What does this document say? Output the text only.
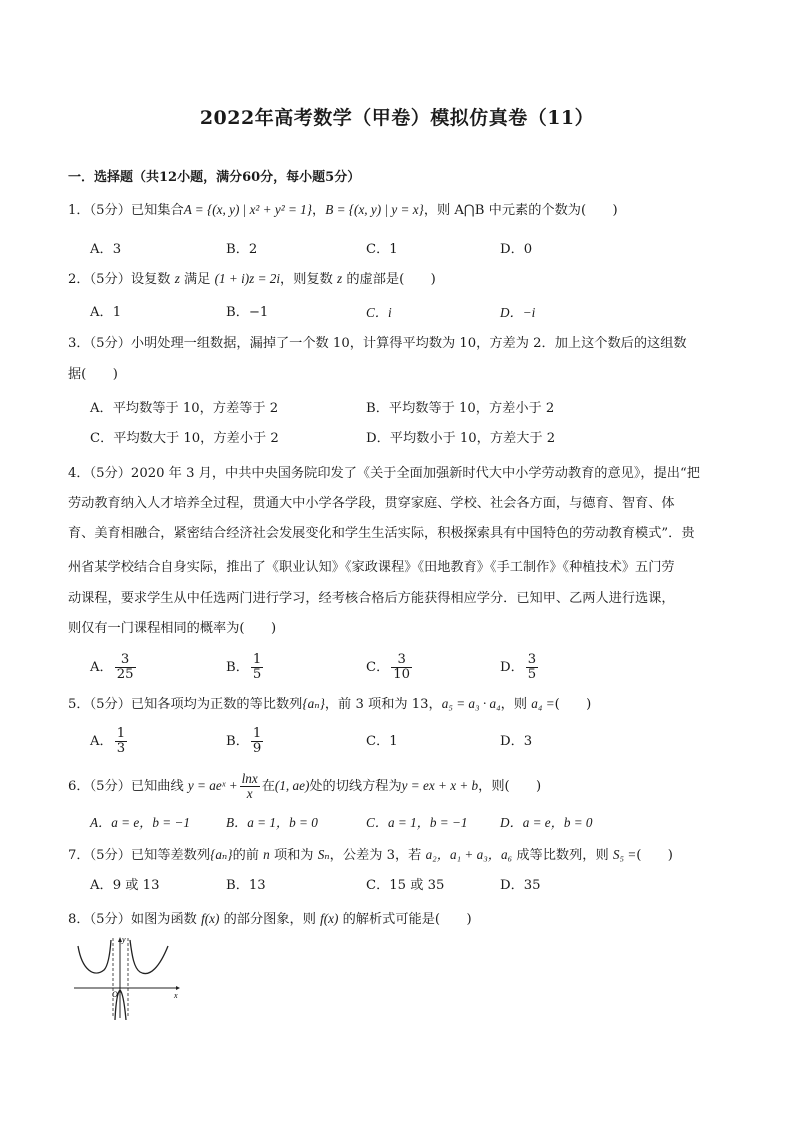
2022年高考数学（甲卷）模拟仿真卷（11）
一．选择题（共12小题，满分60分，每小题5分）
1．（5分）已知集合A = {(x, y) | x² + y² = 1}，B = {(x, y) | y = x}，则 A⋂B 中元素的个数为(　　)
A．3	B．2	C．1	D．0
2．（5分）设复数 z 满足 (1 + i)z = 2i，则复数 z 的虚部是(　　)
A．1	B．−1	C．i	D．−i
3．（5分）小明处理一组数据，漏掉了一个数 10，计算得平均数为 10，方差为 2．加上这个数后的这组数
据(　　)
A．平均数等于 10，方差等于 2	B．平均数等于 10，方差小于 2
C．平均数大于 10，方差小于 2	D．平均数小于 10，方差大于 2
4．（5分）2020 年 3 月，中共中央国务院印发了《关于全面加强新时代大中小学劳动教育的意见》，提出“把
劳动教育纳入人才培养全过程，贯通大中小学各学段，贯穿家庭、学校、社会各方面，与德育、智育、体
育、美育相融合，紧密结合经济社会发展变化和学生生活实际，积极探索具有中国特色的劳动教育模式”．贵
州省某学校结合自身实际，推出了《职业认知》《家政课程》《田地教育》《手工制作》《种植技术》五门劳
动课程，要求学生从中任选两门进行学习，经考核合格后方能获得相应学分．已知甲、乙两人进行选课，
则仅有一门课程相同的概率为(　　)
A． $\frac{3}{25}$	B． $\frac{1}{5}$	C． $\frac{3}{10}$	D． $\frac{3}{5}$
5．（5分）已知各项均为正数的等比数列{aₙ}，前 3 项和为 13，a₅ = a₃ · a₄，则 a₄ =(　　)
A． $\frac{1}{3}$	B． $\frac{1}{9}$	C．1	D．3
6．（5分）已知曲线 y = aeˣ + $\frac{\ln x}{x}$ 在(1, ae)处的切线方程为y = ex + x + b，则(　　)
A．a = e，b = −1	B．a = 1，b = 0	C．a = 1，b = −1 D．a = e，b = 0
7．（5分）已知等差数列{aₙ}的前 n 项和为 Sₙ，公差为 3，若 a₂，a₁ + a₃，a₆ 成等比数列，则 S₅ =(　　)
A．9 或 13	B．13	C．15 或 35	D．35
8．（5分）如图为函数 f(x) 的部分图象，则 f(x) 的解析式可能是(　　)
y
x
O
